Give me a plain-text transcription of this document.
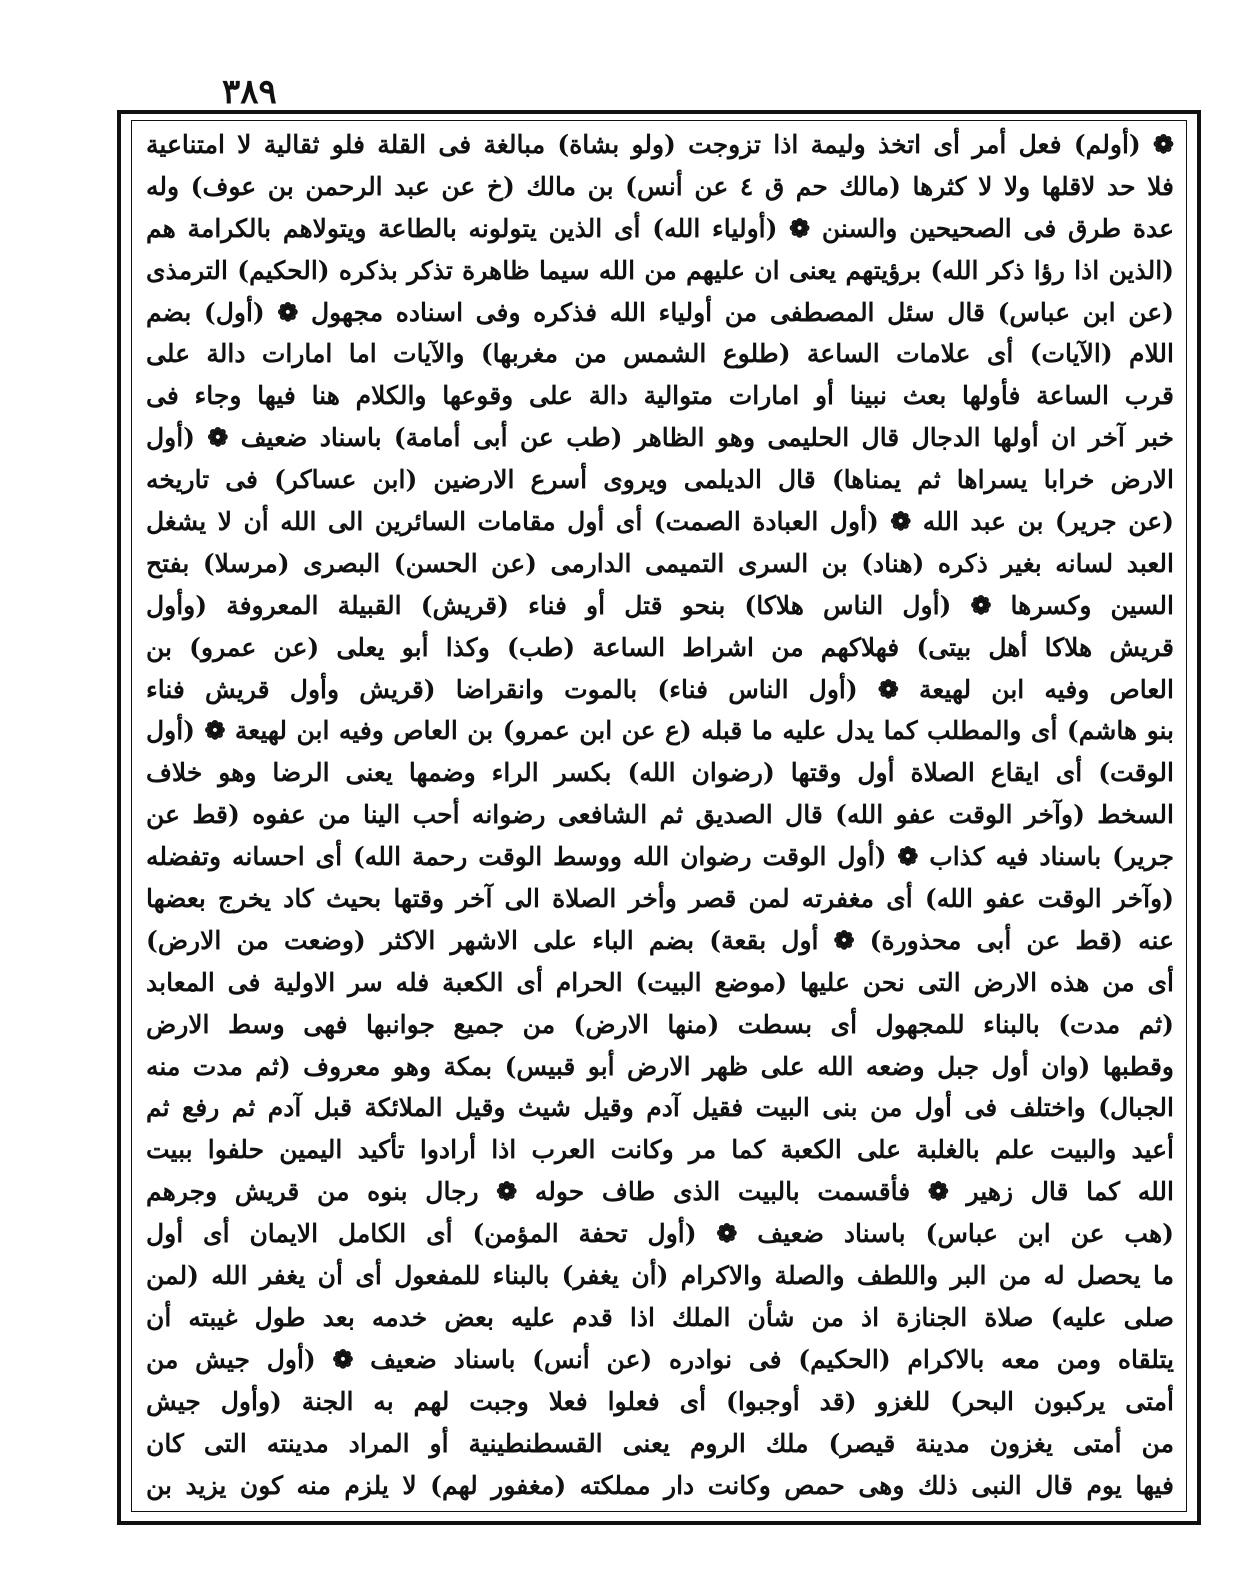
٣٨٩
❁ (أولم) فعل أمر أى اتخذ وليمة اذا تزوجت (ولو بشاة) مبالغة فى القلة فلو ثقالية لا امتناعية
فلا حد لاقلها ولا لا كثرها (مالك حم ق ٤ عن أنس) بن مالك (خ عن عبد الرحمن بن عوف) وله
عدة طرق فى الصحيحين والسنن ❁ (أولياء الله) أى الذين يتولونه بالطاعة ويتولاهم بالكرامة هم
(الذين اذا رؤا ذكر الله) برؤيتهم يعنى ان عليهم من الله سيما ظاهرة تذكر بذكره (الحكيم) الترمذى
(عن ابن عباس) قال سئل المصطفى من أولياء الله فذكره وفى اسناده مجهول ❁ (أول) بضم
اللام (الآيات) أى علامات الساعة (طلوع الشمس من مغربها) والآيات اما امارات دالة على
قرب الساعة فأولها بعث نبينا أو امارات متوالية دالة على وقوعها والكلام هنا فيها وجاء فى
خبر آخر ان أولها الدجال قال الحليمى وهو الظاهر (طب عن أبى أمامة) باسناد ضعيف ❁ (أول
الارض خرابا يسراها ثم يمناها) قال الديلمى ويروى أسرع الارضين (ابن عساكر) فى تاريخه
(عن جرير) بن عبد الله ❁ (أول العبادة الصمت) أى أول مقامات السائرين الى الله أن لا يشغل
العبد لسانه بغير ذكره (هناد) بن السرى التميمى الدارمى (عن الحسن) البصرى (مرسلا) بفتح
السين وكسرها ❁ (أول الناس هلاكا) بنحو قتل أو فناء (قريش) القبيلة المعروفة (وأول
قريش هلاكا أهل بيتى) فهلاكهم من اشراط الساعة (طب) وكذا أبو يعلى (عن عمرو) بن
العاص وفيه ابن لهيعة ❁ (أول الناس فناء) بالموت وانقراضا (قريش وأول قريش فناء
بنو هاشم) أى والمطلب كما يدل عليه ما قبله (ع عن ابن عمرو) بن العاص وفيه ابن لهيعة ❁ (أول
الوقت) أى ايقاع الصلاة أول وقتها (رضوان الله) بكسر الراء وضمها يعنى الرضا وهو خلاف
السخط (وآخر الوقت عفو الله) قال الصديق ثم الشافعى رضوانه أحب الينا من عفوه (قط عن
جرير) باسناد فيه كذاب ❁ (أول الوقت رضوان الله ووسط الوقت رحمة الله) أى احسانه وتفضله
(وآخر الوقت عفو الله) أى مغفرته لمن قصر وأخر الصلاة الى آخر وقتها بحيث كاد يخرج بعضها
عنه (قط عن أبى محذورة) ❁ أول بقعة) بضم الباء على الاشهر الاكثر (وضعت من الارض)
أى من هذه الارض التى نحن عليها (موضع البيت) الحرام أى الكعبة فله سر الاولية فى المعابد
(ثم مدت) بالبناء للمجهول أى بسطت (منها الارض) من جميع جوانبها فهى وسط الارض
وقطبها (وان أول جبل وضعه الله على ظهر الارض أبو قبيس) بمكة وهو معروف (ثم مدت منه
الجبال) واختلف فى أول من بنى البيت فقيل آدم وقيل شيث وقيل الملائكة قبل آدم ثم رفع ثم
أعيد والبيت علم بالغلبة على الكعبة كما مر وكانت العرب اذا أرادوا تأكيد اليمين حلفوا ببيت
الله كما قال زهير ❁ فأقسمت بالبيت الذى طاف حوله ❁ رجال بنوه من قريش وجرهم
(هب عن ابن عباس) باسناد ضعيف ❁ (أول تحفة المؤمن) أى الكامل الايمان أى أول
ما يحصل له من البر واللطف والصلة والاكرام (أن يغفر) بالبناء للمفعول أى أن يغفر الله (لمن
صلى عليه) صلاة الجنازة اذ من شأن الملك اذا قدم عليه بعض خدمه بعد طول غيبته أن
يتلقاه ومن معه بالاكرام (الحكيم) فى نوادره (عن أنس) باسناد ضعيف ❁ (أول جيش من
أمتى يركبون البحر) للغزو (قد أوجبوا) أى فعلوا فعلا وجبت لهم به الجنة (وأول جيش
من أمتى يغزون مدينة قيصر) ملك الروم يعنى القسطنطينية أو المراد مدينته التى كان
فيها يوم قال النبى ذلك وهى حمص وكانت دار مملكته (مغفور لهم) لا يلزم منه كون يزيد بن
